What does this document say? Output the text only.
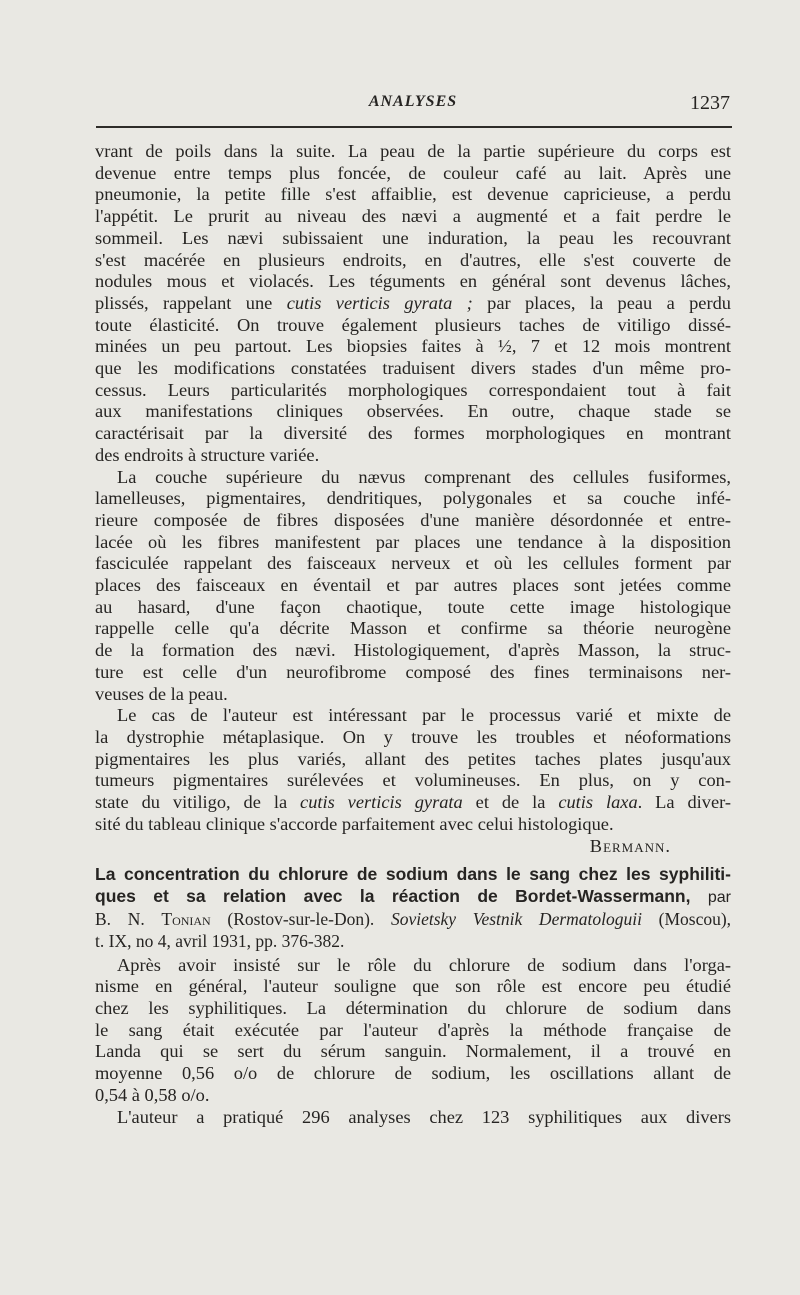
ANALYSES	1237

vrant de poils dans la suite. La peau de la partie supérieure du corps est
devenue entre temps plus foncée, de couleur café au lait. Après une
pneumonie, la petite fille s'est affaiblie, est devenue capricieuse, a perdu
l'appétit. Le prurit au niveau des nævi a augmenté et a fait perdre le
sommeil. Les nævi subissaient une induration, la peau les recouvrant
s'est macérée en plusieurs endroits, en d'autres, elle s'est couverte de
nodules mous et violacés. Les téguments en général sont devenus lâches,
plissés, rappelant une cutis verticis gyrata ; par places, la peau a perdu
toute élasticité. On trouve également plusieurs taches de vitiligo dissé-
minées un peu partout. Les biopsies faites à ½, 7 et 12 mois montrent
que les modifications constatées traduisent divers stades d'un même pro-
cessus. Leurs particularités morphologiques correspondaient tout à fait
aux manifestations cliniques observées. En outre, chaque stade se
caractérisait par la diversité des formes morphologiques en montrant
des endroits à structure variée.

La couche supérieure du nævus comprenant des cellules fusiformes,
lamelleuses, pigmentaires, dendritiques, polygonales et sa couche infé-
rieure composée de fibres disposées d'une manière désordonnée et entre-
lacée où les fibres manifestent par places une tendance à la disposition
fasciculée rappelant des faisceaux nerveux et où les cellules forment par
places des faisceaux en éventail et par autres places sont jetées comme
au hasard, d'une façon chaotique, toute cette image histologique
rappelle celle qu'a décrite Masson et confirme sa théorie neurogène
de la formation des nævi. Histologiquement, d'après Masson, la struc-
ture est celle d'un neurofibrome composé des fines terminaisons ner-
veuses de la peau.

Le cas de l'auteur est intéressant par le processus varié et mixte de
la dystrophie métaplasique. On y trouve les troubles et néoformations
pigmentaires les plus variés, allant des petites taches plates jusqu'aux
tumeurs pigmentaires surélevées et volumineuses. En plus, on y con-
state du vitiligo, de la cutis verticis gyrata et de la cutis laxa. La diver-
sité du tableau clinique s'accorde parfaitement avec celui histologique.
Bermann.

La concentration du chlorure de sodium dans le sang chez les syphiliti-
ques et sa relation avec la réaction de Bordet-Wassermann, par

B. N. Tonian (Rostov-sur-le-Don). Sovietsky Vestnik Dermatologuii (Moscou),
t. IX, no 4, avril 1931, pp. 376-382.

Après avoir insisté sur le rôle du chlorure de sodium dans l'orga-
nisme en général, l'auteur souligne que son rôle est encore peu étudié
chez les syphilitiques. La détermination du chlorure de sodium dans
le sang était exécutée par l'auteur d'après la méthode française de
Landa qui se sert du sérum sanguin. Normalement, il a trouvé en
moyenne 0,56 o/o de chlorure de sodium, les oscillations allant de
0,54 à 0,58 o/o.

L'auteur a pratiqué 296 analyses chez 123 syphilitiques aux divers
